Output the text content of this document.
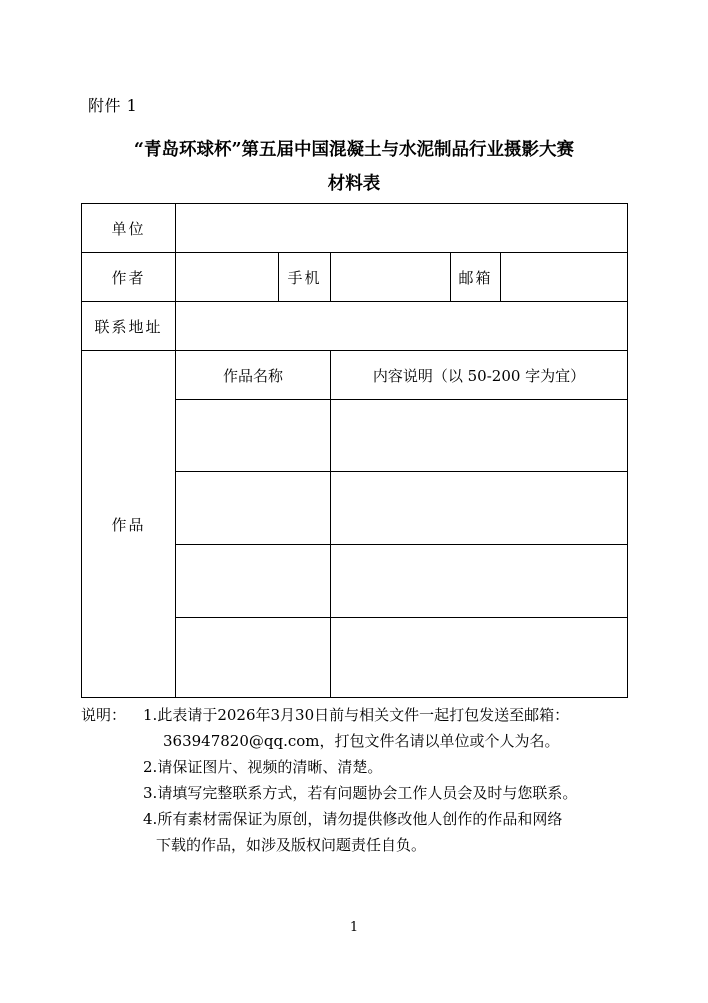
附件 1
“青岛环球杯”第五届中国混凝土与水泥制品行业摄影大赛
材料表
单位					
作者		手机		邮箱	
联系地址					
作品	作品名称		内容说明（以 50-200 字为宜）		

说明： 1.此表请于2026年3月30日前与相关文件一起打包发送至邮箱：
363947820@qq.com，打包文件名请以单位或个人为名。
2.请保证图片、视频的清晰、清楚。
3.请填写完整联系方式，若有问题协会工作人员会及时与您联系。
4.所有素材需保证为原创，请勿提供修改他人创作的作品和网络
下载的作品，如涉及版权问题责任自负。
1
